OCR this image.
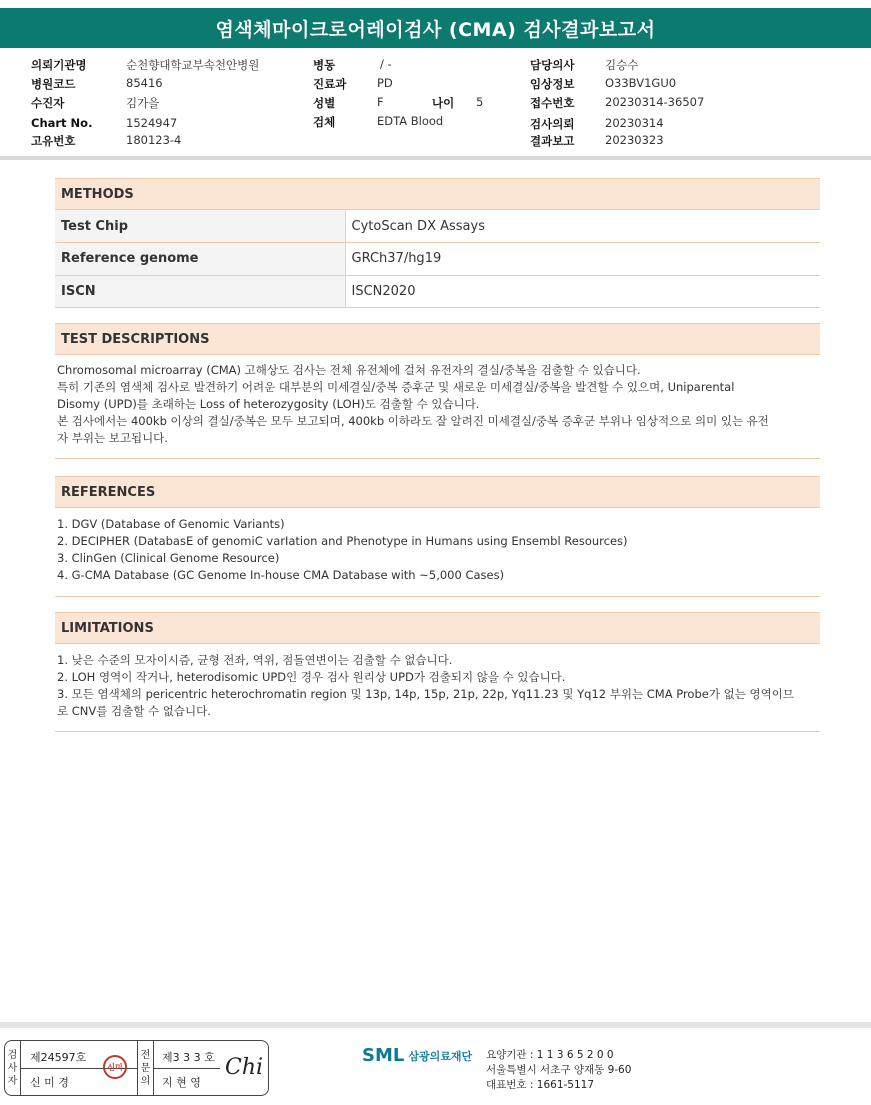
염색체마이크로어레이검사 (CMA) 검사결과보고서
의뢰기관명	순천향대학교부속천안병원
병원코드	85416
수진자	김가을
Chart No.	1524947
고유번호	180123-4
병동	/ -
진료과	PD
성별	F	나이 5
검체	EDTA Blood
담당의사	김승수
임상정보	O33BV1GU0
접수번호	20230314-36507
검사의뢰	20230314
결과보고	20230323
METHODS
Test Chip	CytoScan DX Assays
Reference genome	GRCh37/hg19
ISCN	ISCN2020
TEST DESCRIPTIONS
Chromosomal microarray (CMA) 고해상도 검사는 전체 유전체에 걸쳐 유전자의 결실/중복을 검출할 수 있습니다.
특히 기존의 염색체 검사로 발견하기 어려운 대부분의 미세결실/중복 증후군 및 새로운 미세결실/중복을 발견할 수 있으며, Uniparental
Disomy (UPD)를 초래하는 Loss of heterozygosity (LOH)도 검출할 수 있습니다.
본 검사에서는 400kb 이상의 결실/중복은 모두 보고되며, 400kb 이하라도 잘 알려진 미세결실/중복 증후군 부위나 임상적으로 의미 있는 유전
자 부위는 보고됩니다.
REFERENCES
1. DGV (Database of Genomic Variants)
2. DECIPHER (DatabasE of genomiC varIation and Phenotype in Humans using Ensembl Resources)
3. ClinGen (Clinical Genome Resource)
4. G-CMA Database (GC Genome In-house CMA Database with ~5,000 Cases)
LIMITATIONS
1. 낮은 수준의 모자이시즘, 균형 전좌, 역위, 점돌연변이는 검출할 수 없습니다.
2. LOH 영역이 작거나, heterodisomic UPD인 경우 검사 원리상 UPD가 검출되지 않을 수 있습니다.
3. 모든 염색체의 pericentric heterochromatin region 및 13p, 14p, 15p, 21p, 22p, Yq11.23 및 Yq12 부위는 CMA Probe가 없는 영역이므
로 CNV를 검출할 수 없습니다.
검
사
자
제24597호
신 미 경
신미
전
문
의
제3 3 3 호
지 현 영
Chi	SML 삼광의료재단 요양기관 : 1 1 3 6 5 2 0 0
서울특별시 서초구 양재동 9-60
대표번호 : 1661-5117
